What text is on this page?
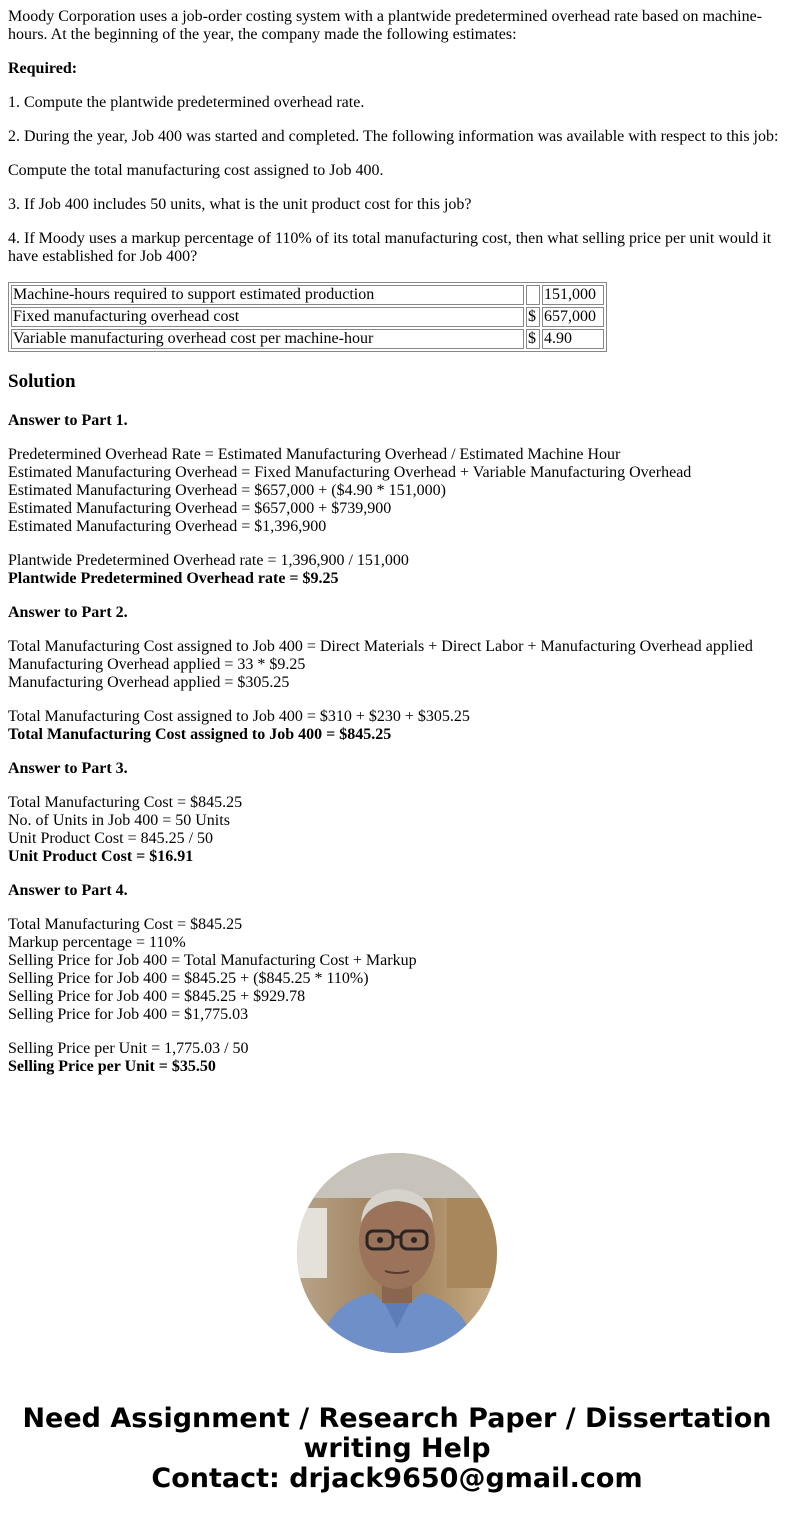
Moody Corporation uses a job-order costing system with a plantwide predetermined overhead rate based on machine-hours. At the beginning of the year, the company made the following estimates:

Required:

1. Compute the plantwide predetermined overhead rate.

2. During the year, Job 400 was started and completed. The following information was available with respect to this job:

Compute the total manufacturing cost assigned to Job 400.

3. If Job 400 includes 50 units, what is the unit product cost for this job?

4. If Moody uses a markup percentage of 110% of its total manufacturing cost, then what selling price per unit would it have established for Job 400?

Machine-hours required to support estimated production		151,000
Fixed manufacturing overhead cost	$	657,000
Variable manufacturing overhead cost per machine-hour	$	4.90
Solution

Answer to Part 1.

Predetermined Overhead Rate = Estimated Manufacturing Overhead / Estimated Machine Hour
Estimated Manufacturing Overhead = Fixed Manufacturing Overhead + Variable Manufacturing Overhead
Estimated Manufacturing Overhead = $657,000 + ($4.90 * 151,000)
Estimated Manufacturing Overhead = $657,000 + $739,900
Estimated Manufacturing Overhead = $1,396,900
Plantwide Predetermined Overhead rate = 1,396,900 / 151,000
Plantwide Predetermined Overhead rate = $9.25

Answer to Part 2.

Total Manufacturing Cost assigned to Job 400 = Direct Materials + Direct Labor + Manufacturing Overhead applied
Manufacturing Overhead applied = 33 * $9.25
Manufacturing Overhead applied = $305.25
Total Manufacturing Cost assigned to Job 400 = $310 + $230 + $305.25
Total Manufacturing Cost assigned to Job 400 = $845.25

Answer to Part 3.

Total Manufacturing Cost = $845.25
No. of Units in Job 400 = 50 Units
Unit Product Cost = 845.25 / 50
Unit Product Cost = $16.91

Answer to Part 4.

Total Manufacturing Cost = $845.25
Markup percentage = 110%
Selling Price for Job 400 = Total Manufacturing Cost + Markup
Selling Price for Job 400 = $845.25 + ($845.25 * 110%)
Selling Price for Job 400 = $845.25 + $929.78
Selling Price for Job 400 = $1,775.03
Selling Price per Unit = 1,775.03 / 50
Selling Price per Unit = $35.50
Need Assignment / Research Paper / Dissertation
writing Help
Contact: drjack9650@gmail.com
